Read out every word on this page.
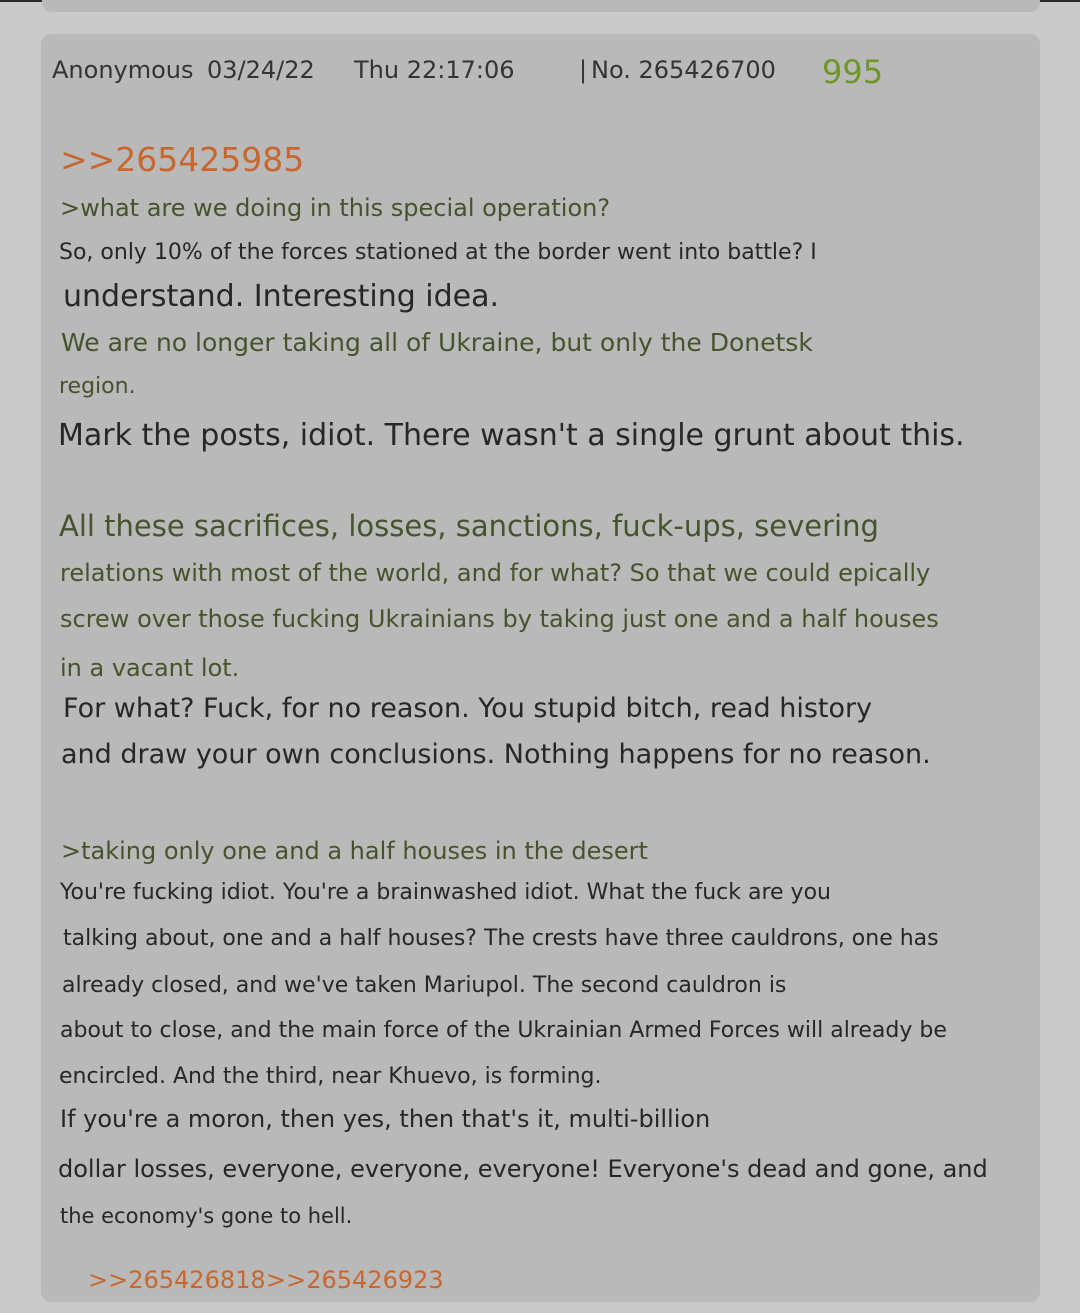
Anonymous 03/24/22 Thu 22:17:06	| No. 265426700 995
>>265425985
>what are we doing in this special operation?
So, only 10% of the forces stationed at the border went into battle? I
understand. Interesting idea.
We are no longer taking all of Ukraine, but only the Donetsk
region.
Mark the posts, idiot. There wasn't a single grunt about this.
All these sacrifices, losses, sanctions, fuck-ups, severing
relations with most of the world, and for what? So that we could epically
screw over those fucking Ukrainians by taking just one and a half houses
in a vacant lot.
For what? Fuck, for no reason. You stupid bitch, read history
and draw your own conclusions. Nothing happens for no reason.
>taking only one and a half houses in the desert
You're fucking idiot. You're a brainwashed idiot. What the fuck are you
talking about, one and a half houses? The crests have three cauldrons, one has
already closed, and we've taken Mariupol. The second cauldron is
about to close, and the main force of the Ukrainian Armed Forces will already be
encircled. And the third, near Khuevo, is forming.
If you're a moron, then yes, then that's it, multi-billion
dollar losses, everyone, everyone, everyone! Everyone's dead and gone, and
the economy's gone to hell.
>>265426818 >>265426923
